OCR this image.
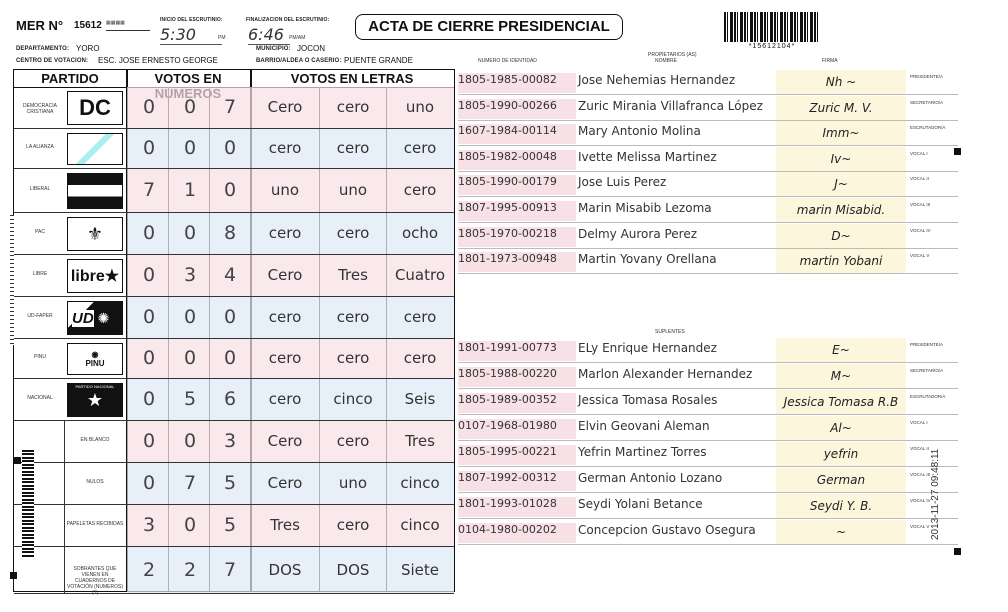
MER N° 15612 ▦▦▦▦	INICIO DEL ESCRUTINIO:
5:30	PM
FINALIZACION DEL ESCRUTINIO:
6:46	PM/AM
ACTA DE CIERRE PRESIDENCIAL
*15612104*
DEPARTAMENTO: YORO	MUNICIPIO: JOCON
CENTRO DE VOTACION: ESC. JOSE ERNESTO GEORGE	BARRIO/ALDEA O CASERIO: PUENTE GRANDE	NUMERO DE IDENTIDAD
PROPIETARIOS (AS)
NOMBRE	FIRMA
PARTIDO	VOTOS EN	VOTOS EN LETRAS
DEMOCRACIA CRISTIANA	DC	0	0	7	Cero	cero	uno
LA ALIANZA	0	0	0	cero	cero	cero
LIBERAL	7	1	0	uno	uno	cero
PAC	⚜	0	0	8	cero	cero	ocho
LIBRE	libre★	0	3	4	Cero	Tres	Cuatro
UD-FAPER	UD ✺	0	0	0	cero	cero	cero
PINU	◉
PINU	0	0	0	cero	cero	cero
NACIONAL
PARTIDO NACIONAL
★	0	5	6	cero	cinco	Seis
EN BLANCO	0	0	3	Cero	cero	Tres
NULOS	0	7	5	Cero	uno	cinco
PAPELETAS RECIBIDAS	3	0	5	Tres	cero	cinco
SOBRANTES QUE VIENEN EN CUADERNOS DE VOTACIÓN (NUMEROS) (1)
2	2	7	DOS	DOS	Siete
1805-1985-00082	Jose Nehemias Hernandez	Nh ~	PRESIDENTE/A
1805-1990-00266	Zuric Mirania Villafranca López	Zuric M. V.	SECRETARIO/A
1607-1984-00114	Mary Antonio Molina	Imm~	ESCRUTADOR/A
1805-1982-00048	Ivette Melissa Martinez	Iv~	VOCAL I
1805-1990-00179	Jose Luis Perez	J~	VOCAL II
1807-1995-00913	Marin Misabib Lezoma	marin Misabid.	VOCAL III
1805-1970-00218	Delmy Aurora Perez	D~	VOCAL IV
1801-1973-00948	Martin Yovany Orellana	martin Yobani	VOCAL V
SUPLENTES
1801-1991-00773	ELy Enrique Hernandez	E~	PRESIDENTE/A
1805-1988-00220	Marlon Alexander Hernandez	M~	SECRETARIO/A
1805-1989-00352	Jessica Tomasa Rosales	Jessica Tomasa R.B	ESCRUTADOR/A
0107-1968-01980	Elvin Geovani Aleman	Al~	VOCAL I
1805-1995-00221	Yefrin Martinez Torres	yefrin	VOCAL II
1807-1992-00312	German Antonio Lozano	German	VOCAL III
1801-1993-01028	Seydi Yolani Betance	Seydi Y. B.	VOCAL IV
0104-1980-00202	Concepcion Gustavo Osegura	~	VOCAL V 2013-11-27 09:48:11
